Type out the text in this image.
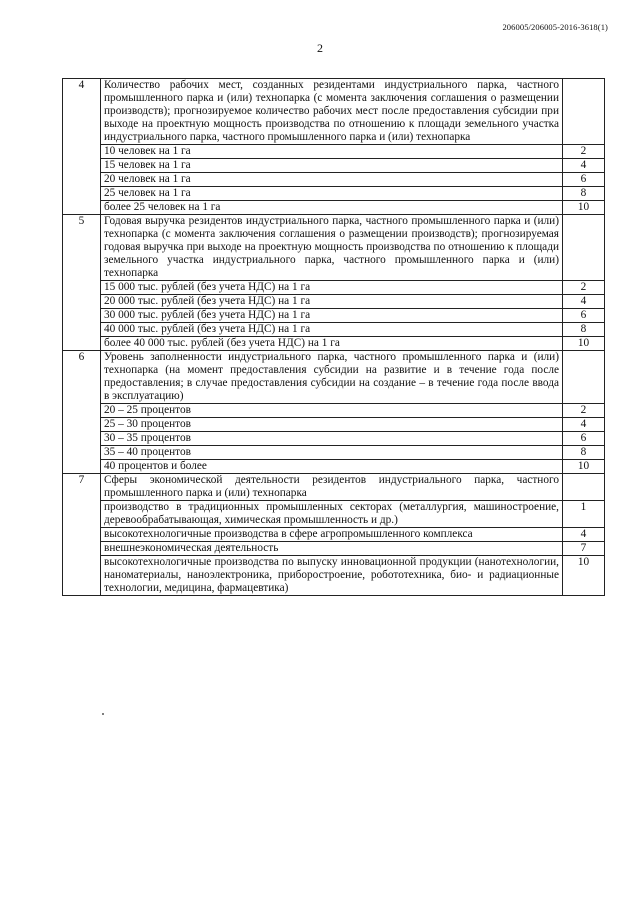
206005/206005-2016-3618(1)
2
4	Количество рабочих мест, созданных резидентами индустриального парка, частного промышленного парка и (или) технопарка (с момента заключения соглашения о размещении производств); прогнозируемое количество рабочих мест после предоставления субсидии при выходе на проектную мощность производства по отношению к площади земельного участка индустриального парка, частного промышленного парка и (или) технопарка	
	10 человек на 1 га	2
	15 человек на 1 га	4
	20 человек на 1 га	6
	25 человек на 1 га	8
	более 25 человек на 1 га	10
5	Годовая выручка резидентов индустриального парка, частного промышленного парка и (или) технопарка (с момента заключения соглашения о размещении производств); прогнозируемая годовая выручка при выходе на проектную мощность производства по отношению к площади земельного участка индустриального парка, частного промышленного парка и (или) технопарка	
	15 000 тыс. рублей (без учета НДС) на 1 га	2
	20 000 тыс. рублей (без учета НДС) на 1 га	4
	30 000 тыс. рублей (без учета НДС) на 1 га	6
	40 000 тыс. рублей (без учета НДС) на 1 га	8
	более 40 000 тыс. рублей (без учета НДС) на 1 га	10
6	Уровень заполненности индустриального парка, частного промышленного парка и (или) технопарка (на момент предоставления субсидии на развитие и в течение года после предоставления; в случае предоставления субсидии на создание – в течение года после ввода в эксплуатацию)	
	20 – 25 процентов	2
	25 – 30 процентов	4
	30 – 35 процентов	6
	35 – 40 процентов	8
	40 процентов и более	10
7	Сферы экономической деятельности резидентов индустриального парка, частного промышленного парка и (или) технопарка	
	производство в традиционных промышленных секторах (металлургия, машиностроение, деревообрабатывающая, химическая промышленность и др.)	1
	высокотехнологичные производства в сфере агропромышленного комплекса	4
	внешнеэкономическая деятельность	7
	высокотехнологичные производства по выпуску инновационной продукции (нанотехнологии, наноматериалы, наноэлектроника, приборостроение, робототехника, био- и радиационные технологии, медицина, фармацевтика)	10
